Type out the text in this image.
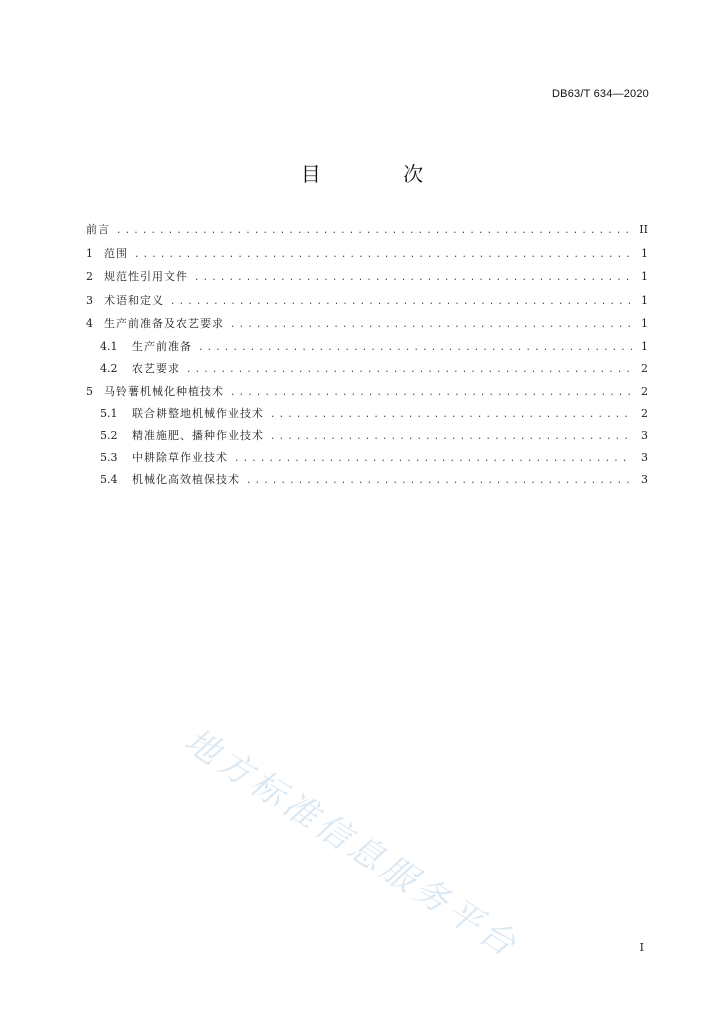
DB63/T 634—2020
目 次
前言 .....	II
1	范围 .....	1
2	规范性引用文件 .....	1
3	术语和定义 .....	1
4	生产前准备及农艺要求 .....	1
4.1	生产前准备 .....	1
4.2	农艺要求 .....	2
5	马铃薯机械化种植技术 .....	2
5.1	联合耕整地机械作业技术 .....	2
5.2	精准施肥、播种作业技术 .....	3
5.3	中耕除草作业技术 .....	3
5.4	机械化高效植保技术 .....	3
地方标准信息服务平台	I
